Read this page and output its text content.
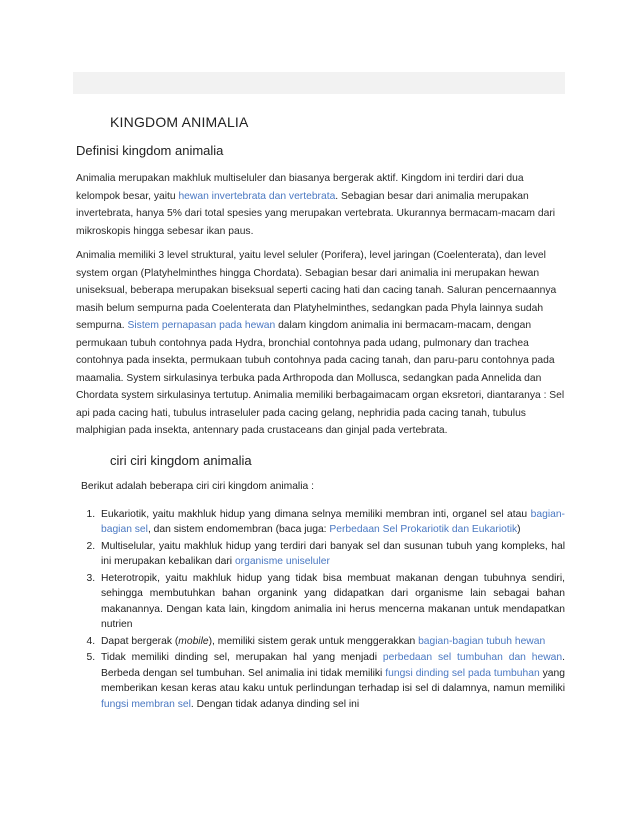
KINGDOM ANIMALIA
Definisi kingdom animalia

Animalia merupakan makhluk multiseluler dan biasanya bergerak aktif. Kingdom ini terdiri dari dua kelompok besar, yaitu hewan invertebrata dan vertebrata. Sebagian besar dari animalia merupakan invertebrata, hanya 5% dari total spesies yang merupakan vertebrata. Ukurannya bermacam-macam dari mikroskopis hingga sebesar ikan paus.

Animalia memiliki 3 level struktural, yaitu level seluler (Porifera), level jaringan (Coelenterata), dan level system organ (Platyhelminthes hingga Chordata). Sebagian besar dari animalia ini merupakan hewan uniseksual, beberapa merupakan biseksual seperti cacing hati dan cacing tanah. Saluran pencernaannya masih belum sempurna pada Coelenterata dan Platyhelminthes, sedangkan pada Phyla lainnya sudah sempurna. Sistem pernapasan pada hewan dalam kingdom animalia ini bermacam-macam, dengan permukaan tubuh contohnya pada Hydra, bronchial contohnya pada udang, pulmonary dan trachea contohnya pada insekta, permukaan tubuh contohnya pada cacing tanah, dan paru-paru contohnya pada maamalia. System sirkulasinya terbuka pada Arthropoda dan Mollusca, sedangkan pada Annelida dan Chordata system sirkulasinya tertutup. Animalia memiliki berbagaimacam organ eksretori, diantaranya : Sel api pada cacing hati, tubulus intraseluler pada cacing gelang, nephridia pada cacing tanah, tubulus malphigian pada insekta, antennary pada crustaceans dan ginjal pada vertebrata.

ciri ciri kingdom animalia
Berikut adalah beberapa ciri ciri kingdom animalia :
1. Eukariotik, yaitu makhluk hidup yang dimana selnya memiliki membran inti, organel sel atau bagian-bagian sel, dan sistem endomembran (baca juga: Perbedaan Sel Prokariotik dan Eukariotik)
2. Multiselular, yaitu makhluk hidup yang terdiri dari banyak sel dan susunan tubuh yang kompleks, hal ini merupakan kebalikan dari organisme uniseluler
3. Heterotropik, yaitu makhluk hidup yang tidak bisa membuat makanan dengan tubuhnya sendiri, sehingga membutuhkan bahan organink yang didapatkan dari organisme lain sebagai bahan makanannya. Dengan kata lain, kingdom animalia ini herus mencerna makanan untuk mendapatkan nutrien
4. Dapat bergerak (mobile), memiliki sistem gerak untuk menggerakkan bagian-bagian tubuh hewan
5. Tidak memiliki dinding sel, merupakan hal yang menjadi perbedaan sel tumbuhan dan hewan. Berbeda dengan sel tumbuhan. Sel animalia ini tidak memiliki fungsi dinding sel pada tumbuhan yang memberikan kesan keras atau kaku untuk perlindungan terhadap isi sel di dalamnya, namun memiliki fungsi membran sel. Dengan tidak adanya dinding sel ini
